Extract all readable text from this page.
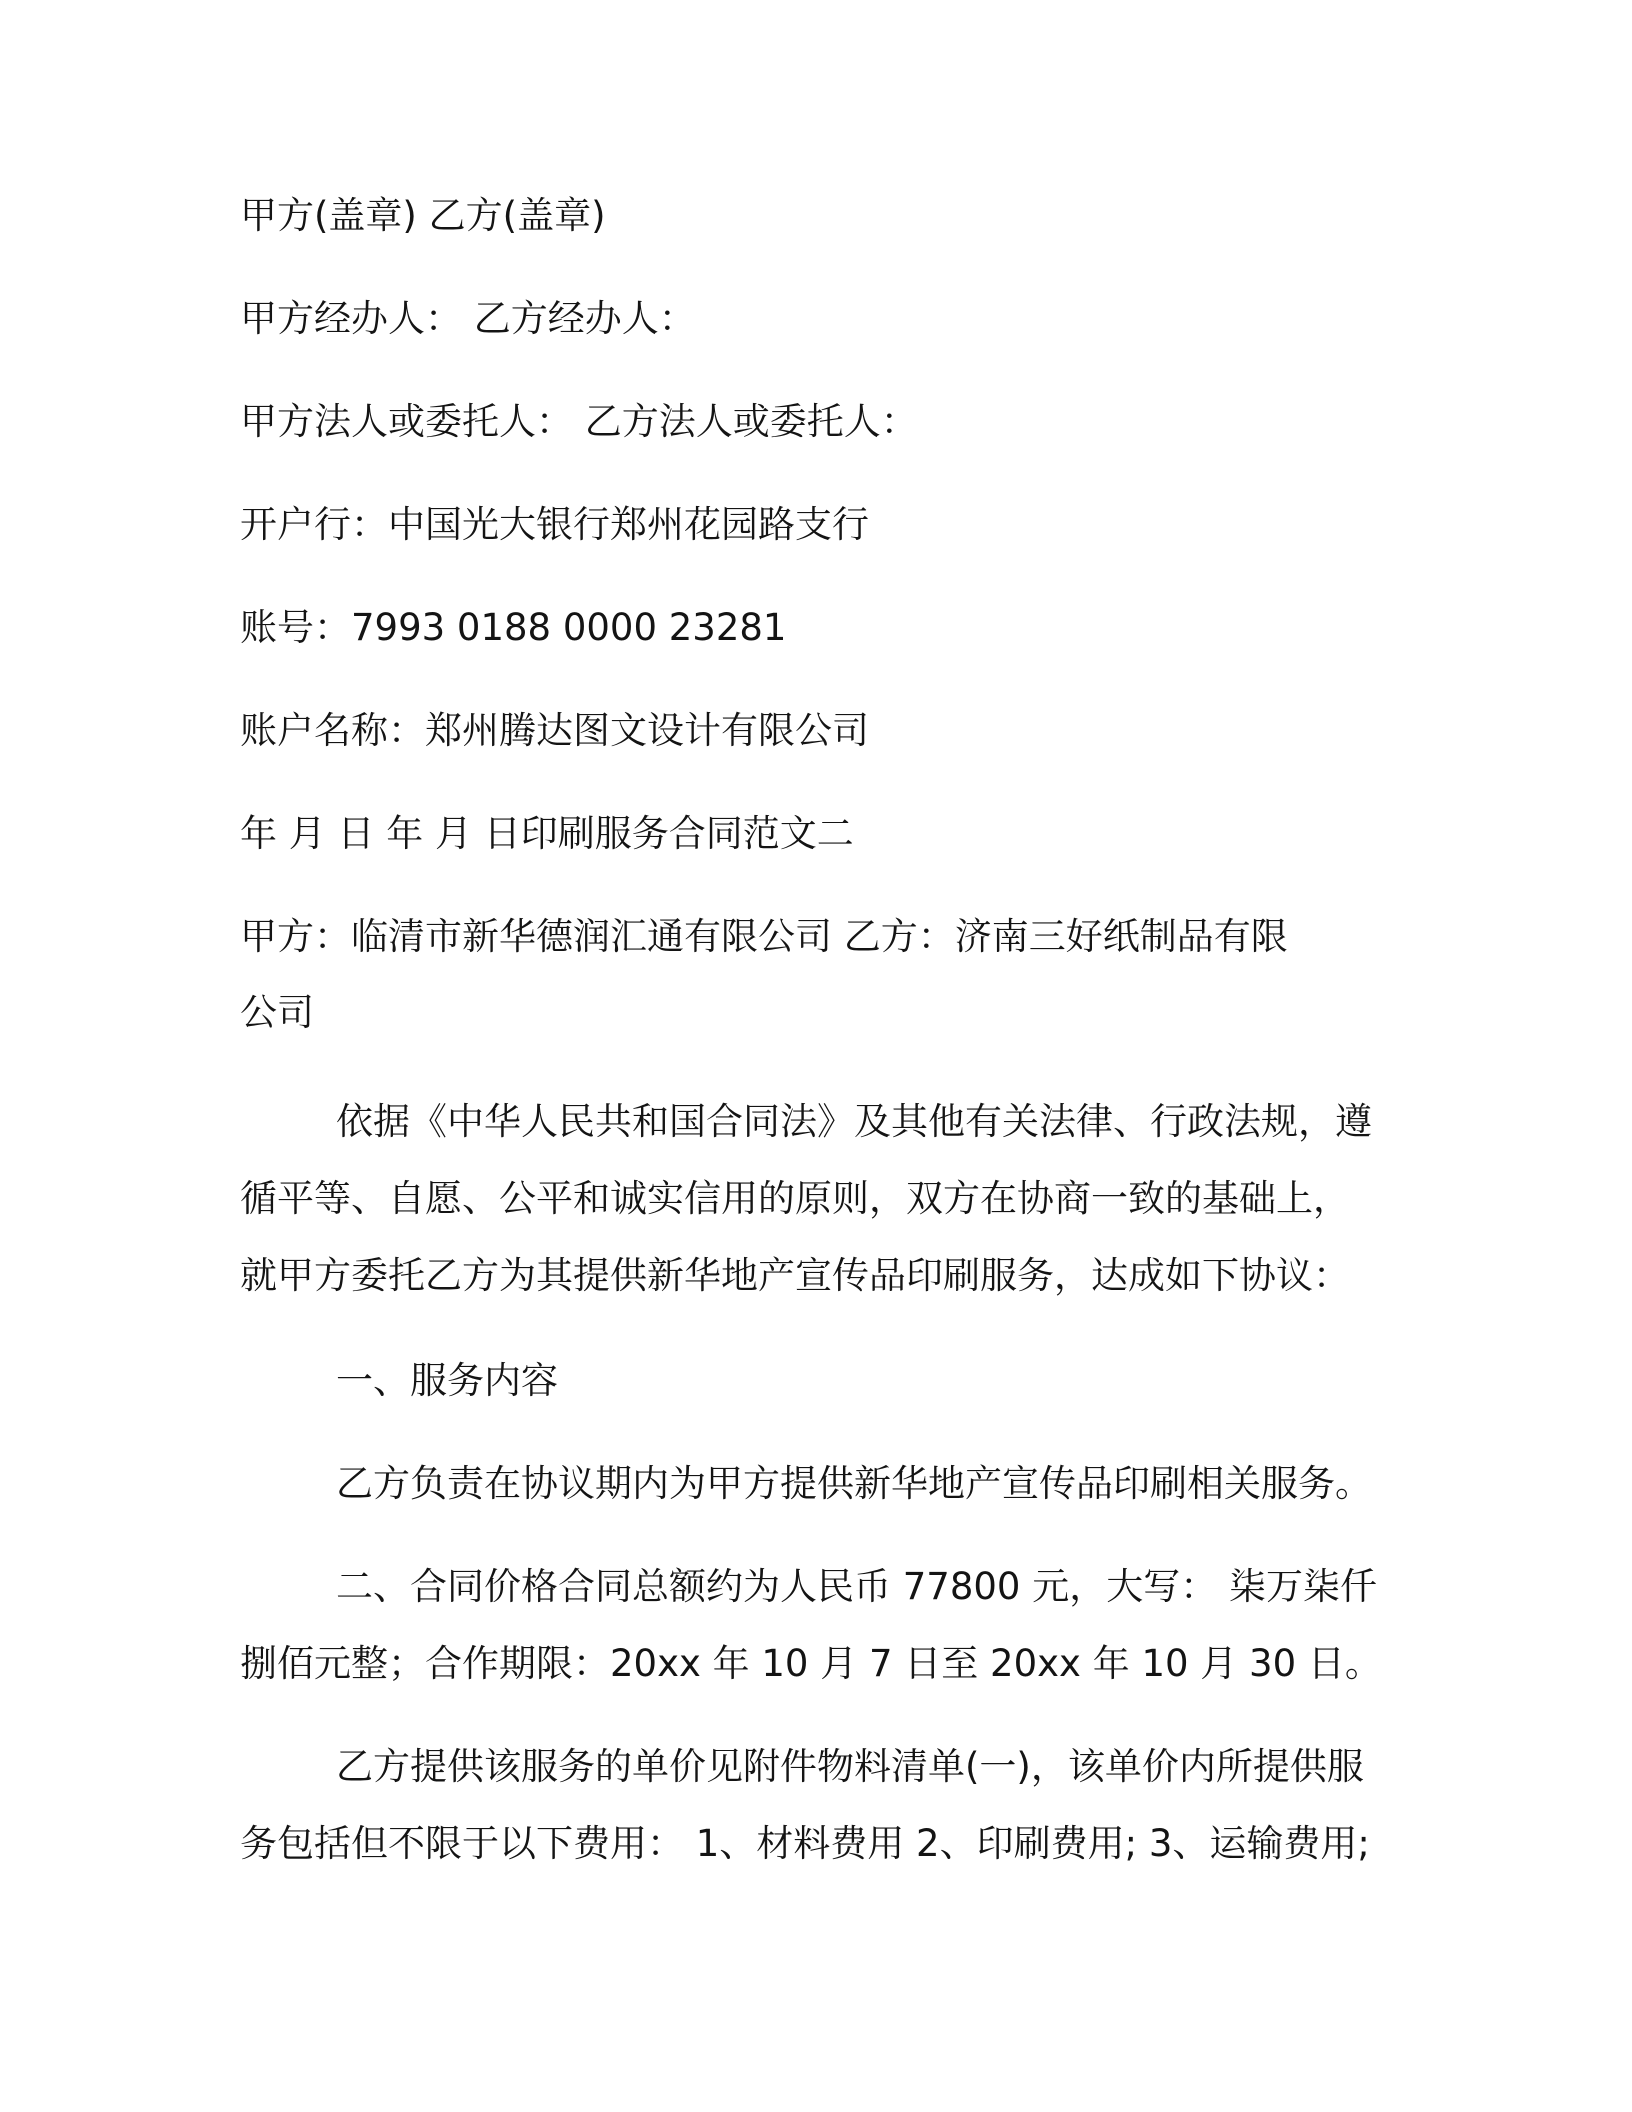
甲方(盖章) 乙方(盖章)
甲方经办人： 乙方经办人：
甲方法人或委托人： 乙方法人或委托人：
开户行：中国光大银行郑州花园路支行
账号：7993 0188 0000 23281
账户名称：郑州腾达图文设计有限公司
年 月 日 年 月 日印刷服务合同范文二
甲方：临清市新华德润汇通有限公司 乙方：济南三好纸制品有限
公司
依据《中华人民共和国合同法》及其他有关法律、行政法规，遵
循平等、自愿、公平和诚实信用的原则，双方在协商一致的基础上，
就甲方委托乙方为其提供新华地产宣传品印刷服务，达成如下协议：
一、服务内容
乙方负责在协议期内为甲方提供新华地产宣传品印刷相关服务。
二、合同价格合同总额约为人民币 77800 元，大写： 柒万柒仟
捌佰元整；合作期限：20xx 年 10 月 7 日至 20xx 年 10 月 30 日。
乙方提供该服务的单价见附件物料清单(一)，该单价内所提供服
务包括但不限于以下费用： 1、材料费用 2、印刷费用; 3、运输费用;
